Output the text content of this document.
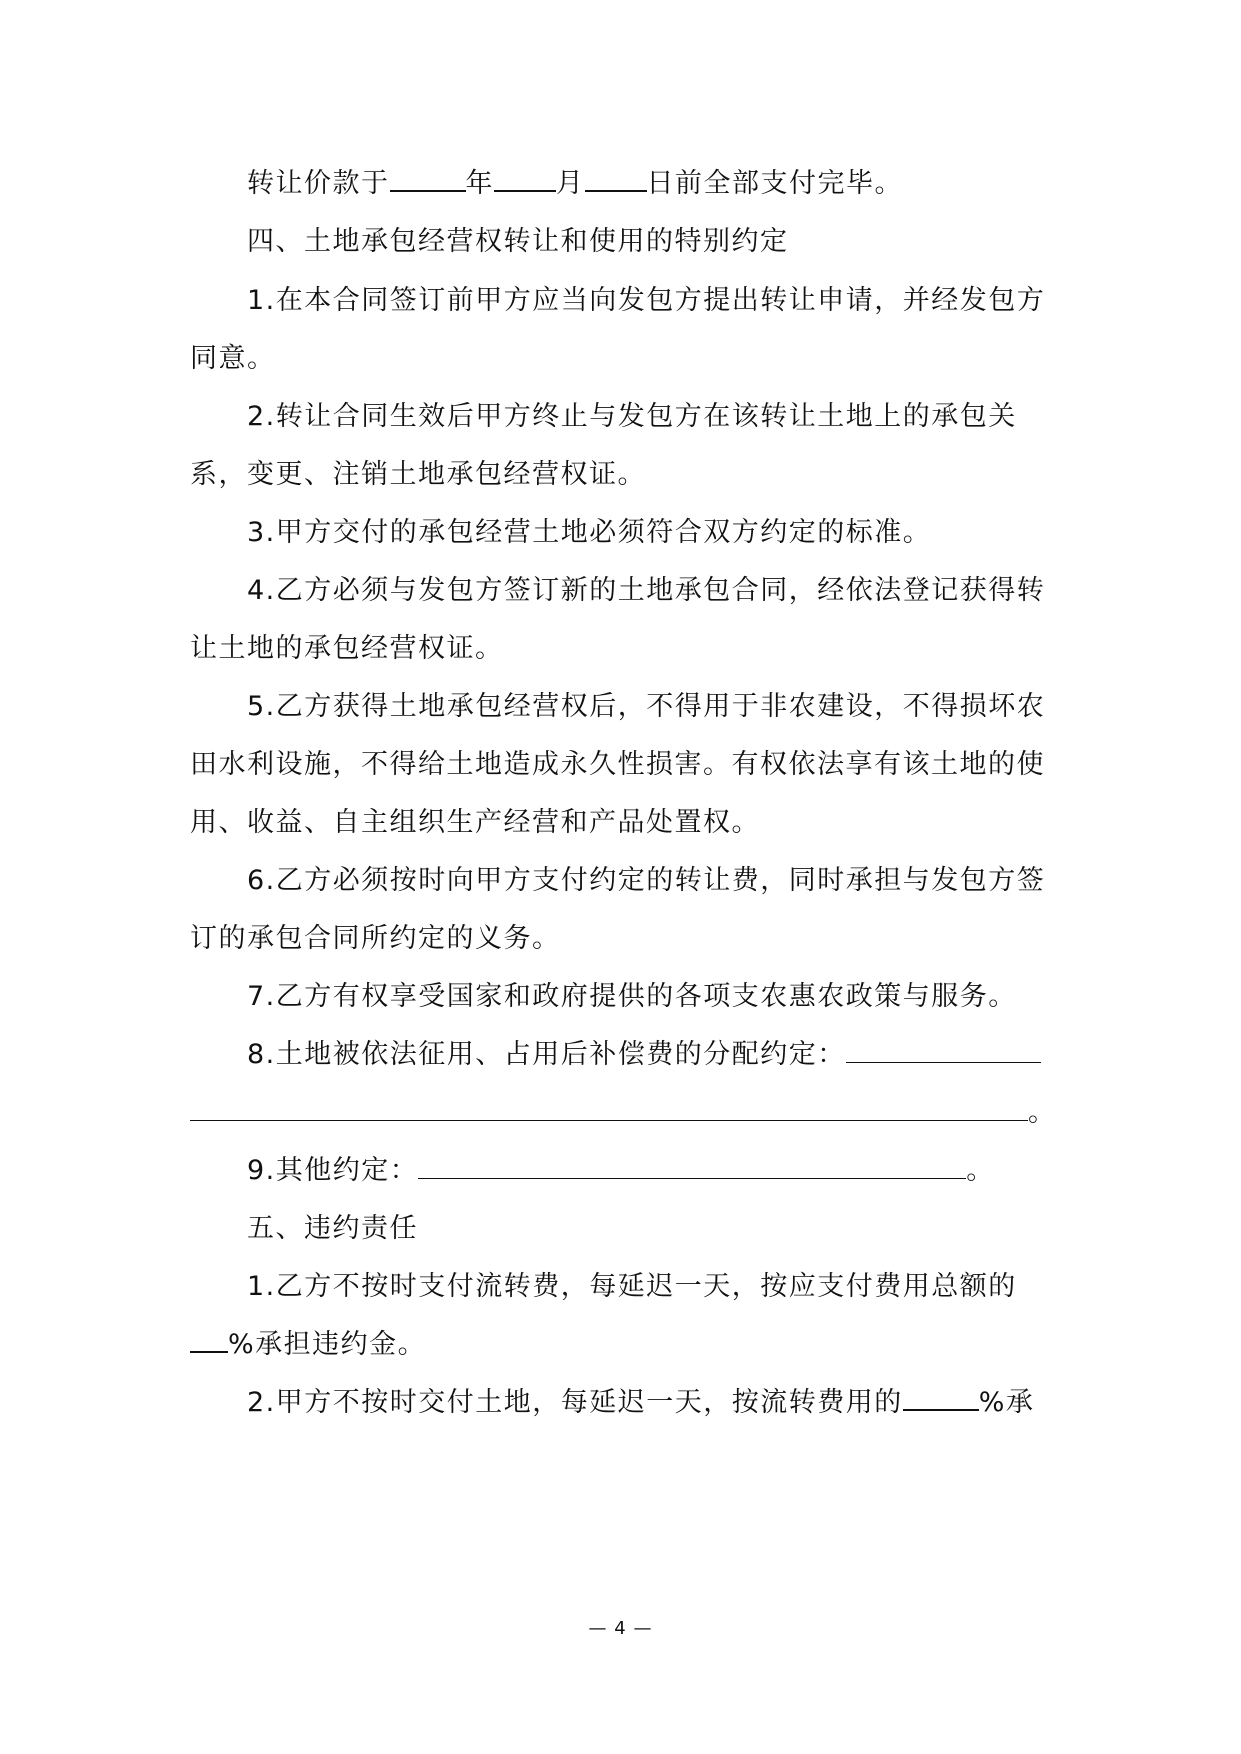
转让价款于	年 月 日前全部支付完毕。
四、土地承包经营权转让和使用的特别约定
1.在本合同签订前甲方应当向发包方提出转让申请，并经发包方
同意。
2.转让合同生效后甲方终止与发包方在该转让土地上的承包关
系，变更、注销土地承包经营权证。
3.甲方交付的承包经营土地必须符合双方约定的标准。
4.乙方必须与发包方签订新的土地承包合同，经依法登记获得转
让土地的承包经营权证。
5.乙方获得土地承包经营权后，不得用于非农建设，不得损坏农
田水利设施，不得给土地造成永久性损害。有权依法享有该土地的使
用、收益、自主组织生产经营和产品处置权。
6.乙方必须按时向甲方支付约定的转让费，同时承担与发包方签
订的承包合同所约定的义务。
7.乙方有权享受国家和政府提供的各项支农惠农政策与服务。
8.土地被依法征用、占用后补偿费的分配约定：
。
9.其他约定：	。
五、违约责任
1.乙方不按时支付流转费，每延迟一天，按应支付费用总额的
%承担违约金。
2.甲方不按时交付土地，每延迟一天，按流转费用的	%承
— 4 —
